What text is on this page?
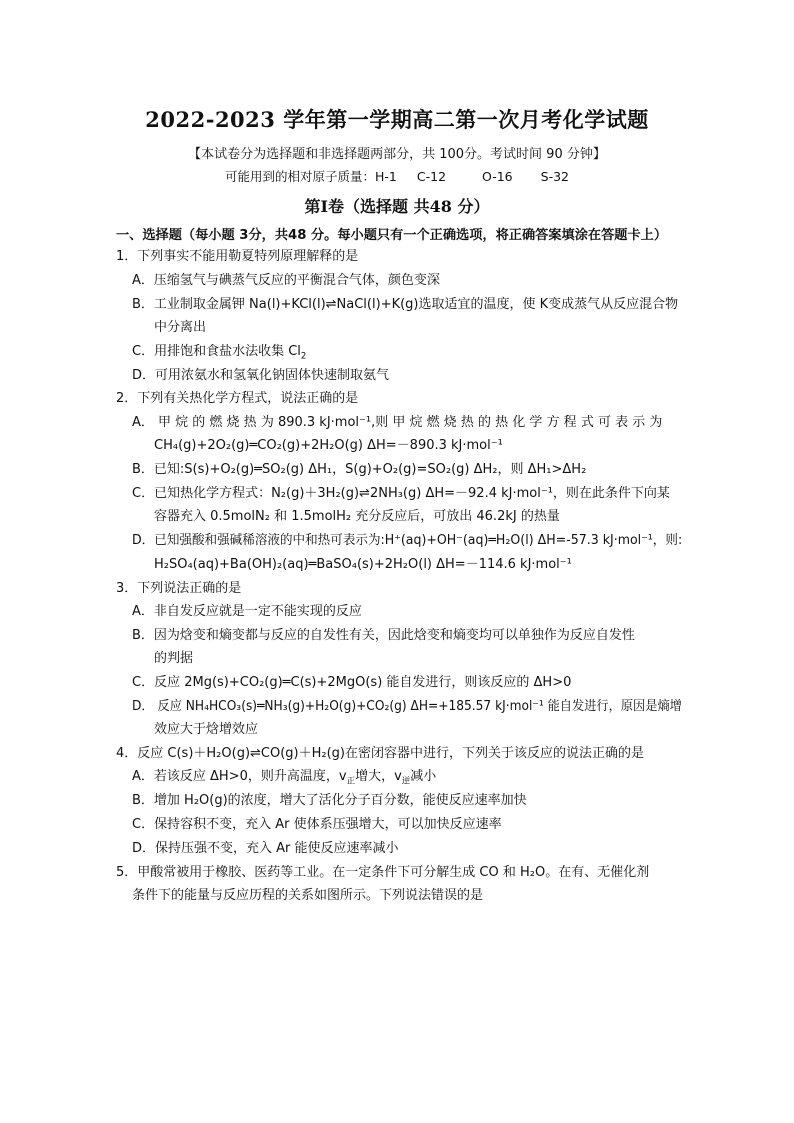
2022-2023 学年第一学期高二第一次月考化学试题
【本试卷分为选择题和非选择题两部分，共 100分。考试时间 90 分钟】
可能用到的相对原子质量：H-1 C-12	O-16 S-32
第Ⅰ卷（选择题 共48 分）
一、选择题（每小题 3分，共48 分。每小题只有一个正确选项，将正确答案填涂在答题卡上）
1．下列事实不能用勒夏特列原理解释的是
A．压缩氢气与碘蒸气反应的平衡混合气体，颜色变深
B．工业制取金属钾 Na(l)+KCl(l)⇌NaCl(l)+K(g)选取适宜的温度，使 K变成蒸气从反应混合物
中分离出
C．用排饱和食盐水法收集 $Cl_2$
D．可用浓氨水和氢氧化钠固体快速制取氨气
2．下列有关热化学方程式，说法正确的是
A． 甲 烷 的 燃 烧 热 为 890.3 kJ·mol⁻¹,则 甲 烷 燃 烧 热 的 热 化 学 方 程 式 可 表 示 为
CH₄(g)+2O₂(g)═CO₂(g)+2H₂O(g) ΔH=－890.3 kJ·mol⁻¹
B．已知:S(s)+O₂(g)═SO₂(g) ΔH₁，S(g)+O₂(g)=SO₂(g) ΔH₂，则 ΔH₁>ΔH₂
C．已知热化学方程式：N₂(g)＋3H₂(g)⇌2NH₃(g) ΔH=－92.4 kJ·mol⁻¹，则在此条件下向某
容器充入 0.5molN₂ 和 1.5molH₂ 充分反应后，可放出 46.2kJ 的热量
D．已知强酸和强碱稀溶液的中和热可表示为:H⁺(aq)+OH⁻(aq)═H₂O(l) ΔH=-57.3 kJ·mol⁻¹，则:
H₂SO₄(aq)+Ba(OH)₂(aq)═BaSO₄(s)+2H₂O(l) ΔH=－114.6 kJ·mol⁻¹
3．下列说法正确的是
A．非自发反应就是一定不能实现的反应
B．因为焓变和熵变都与反应的自发性有关，因此焓变和熵变均可以单独作为反应自发性
的判据
C．反应 2Mg(s)+CO₂(g)═C(s)+2MgO(s) 能自发进行，则该反应的 ΔH>0
D． 反应 NH₄HCO₃(s)═NH₃(g)+H₂O(g)+CO₂(g) ΔH=+185.57 kJ·mol⁻¹ 能自发进行，原因是熵增
效应大于焓增效应
4．反应 C(s)＋H₂O(g)⇌CO(g)＋H₂(g)在密闭容器中进行，下列关于该反应的说法正确的是
A．若该反应 ΔH>0，则升高温度，$v_正$增大，$v_逆$减小
B．增加 H₂O(g)的浓度，增大了活化分子百分数，能使反应速率加快
C．保持容积不变，充入 Ar 使体系压强增大，可以加快反应速率
D．保持压强不变，充入 Ar 能使反应速率减小
5．甲酸常被用于橡胶、医药等工业。在一定条件下可分解生成 CO 和 H₂O。在有、无催化剂
条件下的能量与反应历程的关系如图所示。下列说法错误的是
